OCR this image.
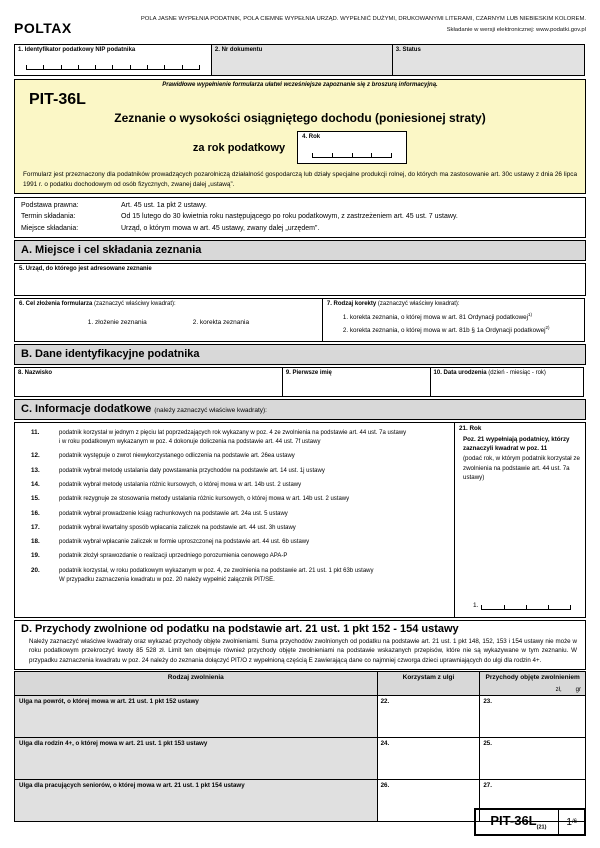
POLTAX
POLA JASNE WYPEŁNIA PODATNIK, POLA CIEMNE WYPEŁNIA URZĄD. WYPEŁNIĆ DUŻYMI, DRUKOWANYMI LITERAMI, CZARNYM LUB NIEBIESKIM KOLOREM.
Składanie w wersji elektronicznej: www.podatki.gov.pl
1. Identyfikator podatkowy NIP podatnika	2. Nr dokumentu	3. Status
Prawidłowe wypełnienie formularza ułatwi wcześniejsze zapoznanie się z broszurą informacyjną.
PIT-36L
Zeznanie o wysokości osiągniętego dochodu (poniesionej straty)
za rok podatkowy
4. Rok
Formularz jest przeznaczony dla podatników prowadzących pozarolniczą działalność gospodarczą lub działy specjalne produkcji rolnej, do których ma zastosowanie art. 30c ustawy z dnia 26 lipca 1991 r. o podatku dochodowym od osób fizycznych, zwanej dalej „ustawą”.
Podstawa prawna:	Art. 45 ust. 1a pkt 2 ustawy.
Termin składania:	Od 15 lutego do 30 kwietnia roku następującego po roku podatkowym, z zastrzeżeniem art. 45 ust. 7 ustawy.
Miejsce składania:	Urząd, o którym mowa w art. 45 ustawy, zwany dalej „urzędem”.
A. Miejsce i cel składania zeznania
5. Urząd, do którego jest adresowane zeznanie
6. Cel złożenia formularza (zaznaczyć właściwy kwadrat):
1. złożenie zeznania	2. korekta zeznania
7. Rodzaj korekty (zaznaczyć właściwy kwadrat):
1. korekta zeznania, o której mowa w art. 81 Ordynacji podatkowej$^{1)}$
2. korekta zeznania, o której mowa w art. 81b § 1a Ordynacji podatkowej$^{2)}$
B. Dane identyfikacyjne podatnika
8. Nazwisko	9. Pierwsze imię	10. Data urodzenia (dzień - miesiąc - rok)
C. Informacje dodatkowe (należy zaznaczyć właściwe kwadraty):
11.	podatnik korzystał w jednym z pięciu lat poprzedzających rok wykazany w poz. 4 ze zwolnienia na podstawie art. 44 ust. 7a ustawy
i w roku podatkowym wykazanym w poz. 4 dokonuje doliczenia na podstawie art. 44 ust. 7f ustawy
12.	podatnik występuje o zwrot niewykorzystanego odliczenia na podstawie art. 26ea ustawy
13.	podatnik wybrał metodę ustalania daty powstawania przychodów na podstawie art. 14 ust. 1j ustawy
14.	podatnik wybrał metodę ustalania różnic kursowych, o której mowa w art. 14b ust. 2 ustawy
15.	podatnik rezygnuje ze stosowania metody ustalania różnic kursowych, o której mowa w art. 14b ust. 2 ustawy
16.	podatnik wybrał prowadzenie ksiąg rachunkowych na podstawie art. 24a ust. 5 ustawy
17.	podatnik wybrał kwartalny sposób wpłacania zaliczek na podstawie art. 44 ust. 3h ustawy
18.	podatnik wybrał wpłacanie zaliczek w formie uproszczonej na podstawie art. 44 ust. 6b ustawy
19.	podatnik złożył sprawozdanie o realizacji uprzedniego porozumienia cenowego APA-P
20.	podatnik korzystał, w roku podatkowym wykazanym w poz. 4, ze zwolnienia na podstawie art. 21 ust. 1 pkt 63b ustawy
W przypadku zaznaczenia kwadratu w poz. 20 należy wypełnić załącznik PIT/SE.
21. Rok
Poz. 21 wypełniają podatnicy, którzy zaznaczyli kwadrat w poz. 11
(podać rok, w którym podatnik korzystał ze zwolnienia na podstawie art. 44 ust. 7a ustawy)
1.
D. Przychody zwolnione od podatku na podstawie art. 21 ust. 1 pkt 152 - 154 ustawy
Należy zaznaczyć właściwe kwadraty oraz wykazać przychody objęte zwolnieniami. Suma przychodów zwolnionych od podatku na podstawie art. 21 ust. 1 pkt 148, 152, 153 i 154 ustawy nie może w roku podatkowym przekroczyć kwoty 85 528 zł. Limit ten obejmuje również przychody objęte zwolnieniami na podstawie wskazanych przepisów, które nie są wykazywane w tym zeznaniu. W przypadku zaznaczenia kwadratu w poz. 24 należy do zeznania dołączyć PIT/O z wypełnioną częścią E zawierającą dane co najmniej czworga dzieci uprawniających do ulgi dla rodzin 4+.
Rodzaj zwolnienia	Korzystam z ulgi	Przychody objęte zwolnieniem
zł, gr

Ulga na powrót, o której mowa w art. 21 ust. 1 pkt 152 ustawy	22.	23.
Ulga dla rodzin 4+, o której mowa w art. 21 ust. 1 pkt 153 ustawy	24.	25.
Ulga dla pracujących seniorów, o której mowa w art. 21 ust. 1 pkt 154 ustawy	26.	27.
PIT-$36L_{(21)}$
1 /6
